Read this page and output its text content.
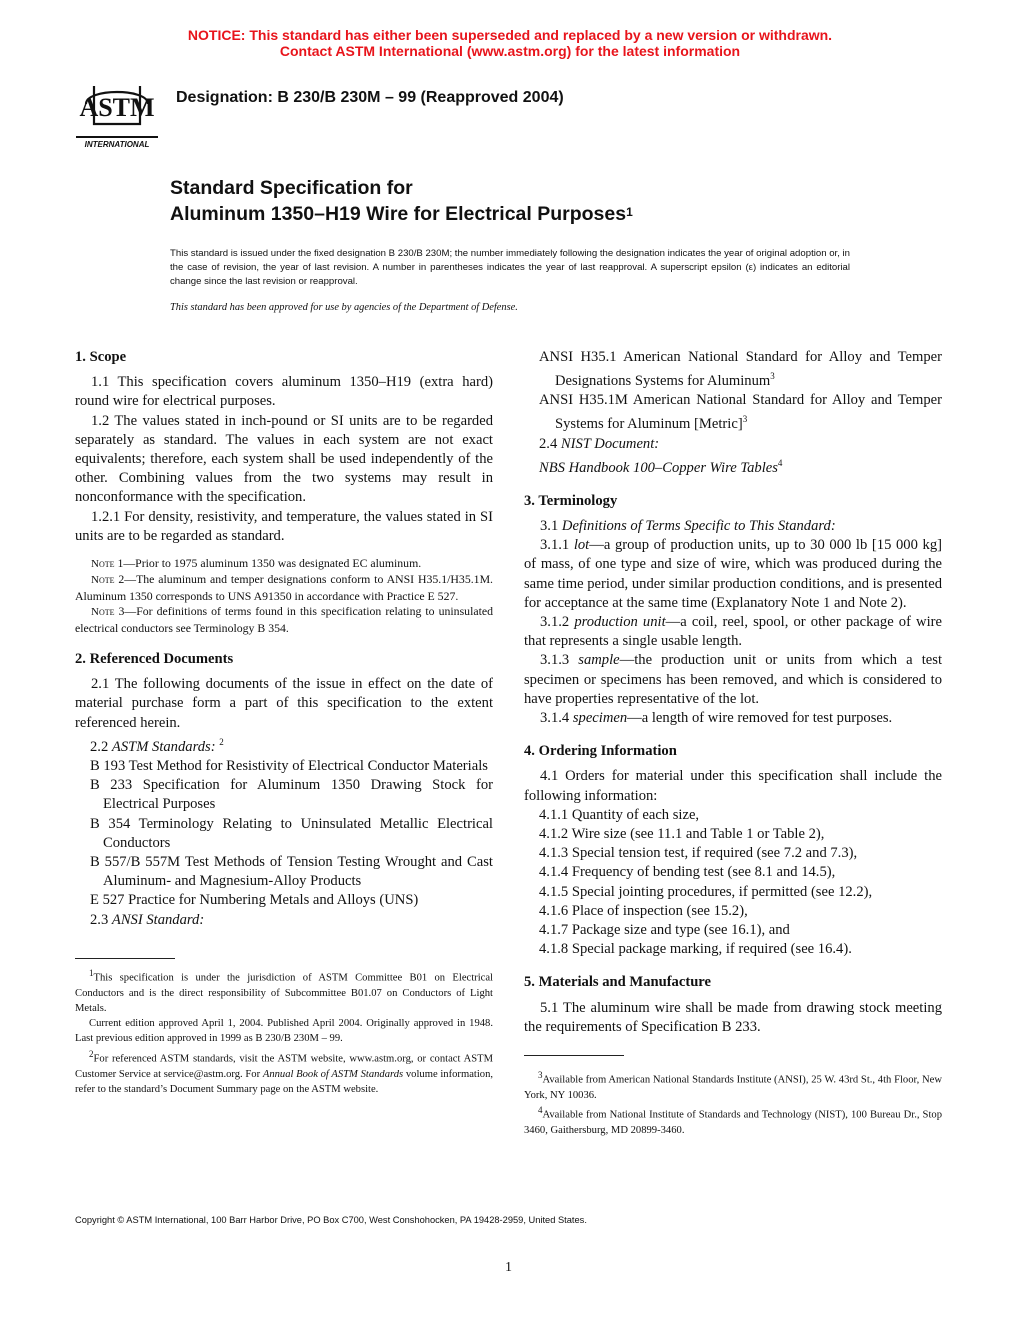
NOTICE: This standard has either been superseded and replaced by a new version or withdrawn.
Contact ASTM International (www.astm.org) for the latest information
ASTM
INTERNATIONAL
Designation: B 230/B 230M – 99 (Reapproved 2004)
Standard Specification for
Aluminum 1350–H19 Wire for Electrical Purposes$^1$

This standard is issued under the fixed designation B 230/B 230M; the number immediately following the designation indicates the year of original adoption or, in the case of revision, the year of last revision. A number in parentheses indicates the year of last reapproval. A superscript epsilon (ε) indicates an editorial change since the last revision or reapproval.

This standard has been approved for use by agencies of the Department of Defense.

1. Scope

1.1 This specification covers aluminum 1350–H19 (extra hard) round wire for electrical purposes.

1.2 The values stated in inch-pound or SI units are to be regarded separately as standard. The values in each system are not exact equivalents; therefore, each system shall be used independently of the other. Combining values from the two systems may result in nonconformance with the specification.

1.2.1 For density, resistivity, and temperature, the values stated in SI units are to be regarded as standard.

Note 1—Prior to 1975 aluminum 1350 was designated EC aluminum.

Note 2—The aluminum and temper designations conform to ANSI H35.1/H35.1M. Aluminum 1350 corresponds to UNS A91350 in accordance with Practice E 527.

Note 3—For definitions of terms found in this specification relating to uninsulated electrical conductors see Terminology B 354.

2. Referenced Documents

2.1 The following documents of the issue in effect on the date of material purchase form a part of this specification to the extent referenced herein.

2.2 ASTM Standards: $^2$

B 193 Test Method for Resistivity of Electrical Conductor Materials

B 233 Specification for Aluminum 1350 Drawing Stock for Electrical Purposes

B 354 Terminology Relating to Uninsulated Metallic Electrical Conductors

B 557/B 557M Test Methods of Tension Testing Wrought and Cast Aluminum- and Magnesium-Alloy Products

E 527 Practice for Numbering Metals and Alloys (UNS)

2.3 ANSI Standard:

$^1$This specification is under the jurisdiction of ASTM Committee B01 on Electrical Conductors and is the direct responsibility of Subcommittee B01.07 on Conductors of Light Metals.

Current edition approved April 1, 2004. Published April 2004. Originally approved in 1948. Last previous edition approved in 1999 as B 230/B 230M – 99.

$^2$For referenced ASTM standards, visit the ASTM website, www.astm.org, or contact ASTM Customer Service at service@astm.org. For Annual Book of ASTM Standards volume information, refer to the standard’s Document Summary page on the ASTM website.

ANSI H35.1 American National Standard for Alloy and Temper Designations Systems for Aluminum$^3$

ANSI H35.1M American National Standard for Alloy and Temper Systems for Aluminum [Metric]$^3$

2.4 NIST Document:

NBS Handbook 100–Copper Wire Tables$^4$

3. Terminology

3.1 Definitions of Terms Specific to This Standard:

3.1.1 lot—a group of production units, up to 30 000 lb [15 000 kg] of mass, of one type and size of wire, which was produced during the same time period, under similar production conditions, and is presented for acceptance at the same time (Explanatory Note 1 and Note 2).

3.1.2 production unit—a coil, reel, spool, or other package of wire that represents a single usable length.

3.1.3 sample—the production unit or units from which a test specimen or specimens has been removed, and which is considered to have properties representative of the lot.

3.1.4 specimen—a length of wire removed for test purposes.

4. Ordering Information

4.1 Orders for material under this specification shall include the following information:

4.1.1 Quantity of each size,

4.1.2 Wire size (see 11.1 and Table 1 or Table 2),

4.1.3 Special tension test, if required (see 7.2 and 7.3),

4.1.4 Frequency of bending test (see 8.1 and 14.5),

4.1.5 Special jointing procedures, if permitted (see 12.2),

4.1.6 Place of inspection (see 15.2),

4.1.7 Package size and type (see 16.1), and

4.1.8 Special package marking, if required (see 16.4).

5. Materials and Manufacture

5.1 The aluminum wire shall be made from drawing stock meeting the requirements of Specification B 233.

$^3$Available from American National Standards Institute (ANSI), 25 W. 43rd St., 4th Floor, New York, NY 10036.

$^4$Available from National Institute of Standards and Technology (NIST), 100 Bureau Dr., Stop 3460, Gaithersburg, MD 20899-3460.

Copyright © ASTM International, 100 Barr Harbor Drive, PO Box C700, West Conshohocken, PA 19428-2959, United States.
1
